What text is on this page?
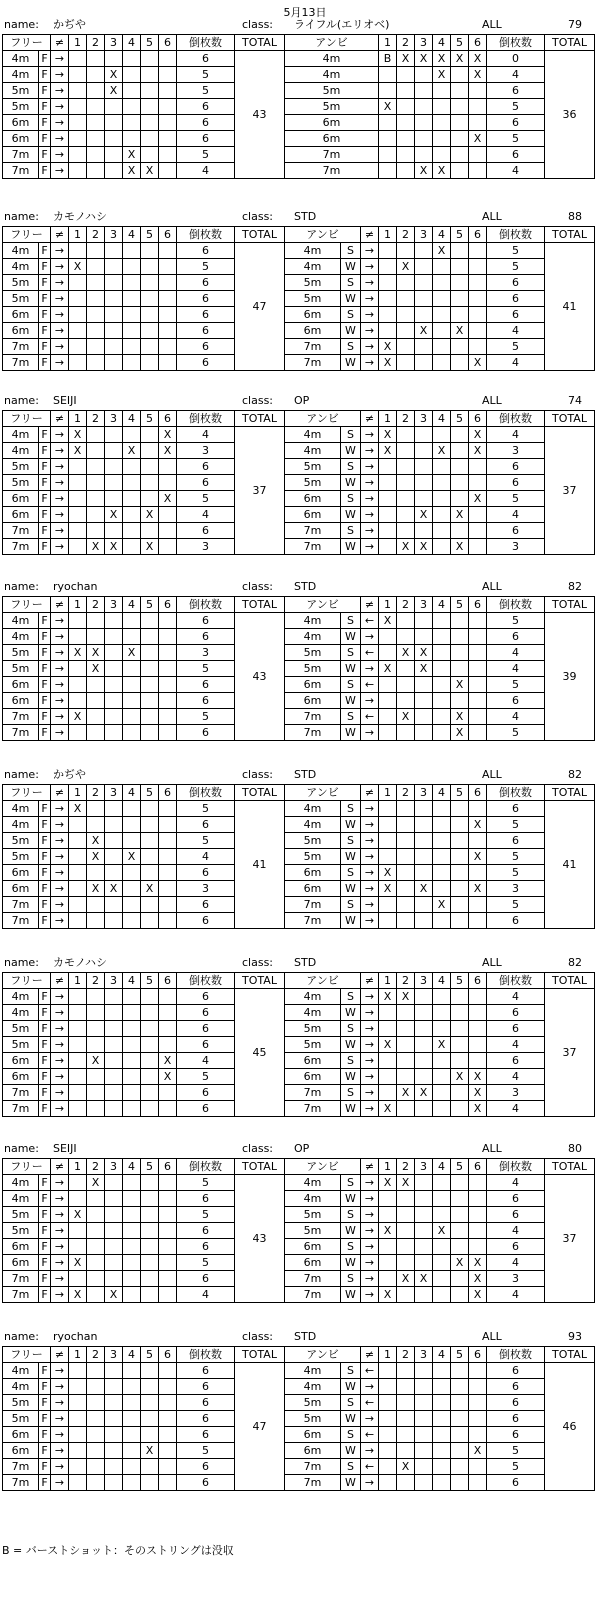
5月13日
name: かぢや	class: ライフル(エリオベ)	ALL	79
フリー		≠	1	2	3	4	5	6	倒枚数	TOTAL	アンビ	1	2	3	4	5	6	倒枚数	TOTAL
4m	F	→							6	43	4m	B	X	X	X	X	X	0	36
4m	F	→			X				5		4m				X		X	4	
5m	F	→			X				5		5m							6	
5m	F	→							6		5m	X						5	
6m	F	→							6		6m							6	
6m	F	→							6		6m						X	5	
7m	F	→				X			5		7m							6	
7m	F	→				X	X		4		7m			X	X			4	
name: カモノハシ	class: STD	ALL	88
フリー		≠	1	2	3	4	5	6	倒枚数	TOTAL	アンビ		≠	1	2	3	4	5	6	倒枚数	TOTAL
4m	F	→							6	47	4m	S	→				X			5	41
4m	F	→	X						5		4m	W	→		X					5	
5m	F	→							6		5m	S	→							6	
5m	F	→							6		5m	W	→							6	
6m	F	→							6		6m	S	→							6	
6m	F	→							6		6m	W	→			X		X		4	
7m	F	→							6		7m	S	→	X						5	
7m	F	→							6		7m	W	→	X					X	4	
name: SEIJI	class: OP	ALL	74
フリー		≠	1	2	3	4	5	6	倒枚数	TOTAL	アンビ		≠	1	2	3	4	5	6	倒枚数	TOTAL
4m	F	→	X					X	4	37	4m	S	→	X					X	4	37
4m	F	→	X			X		X	3		4m	W	→	X			X		X	3	
5m	F	→							6		5m	S	→							6	
5m	F	→							6		5m	W	→							6	
6m	F	→						X	5		6m	S	→						X	5	
6m	F	→			X		X		4		6m	W	→			X		X		4	
7m	F	→							6		7m	S	→							6	
7m	F	→		X	X		X		3		7m	W	→		X	X		X		3	
name: ryochan	class: STD	ALL	82
フリー		≠	1	2	3	4	5	6	倒枚数	TOTAL	アンビ		≠	1	2	3	4	5	6	倒枚数	TOTAL
4m	F	→							6	43	4m	S	←	X						5	39
4m	F	→							6		4m	W	→							6	
5m	F	→	X	X		X			3		5m	S	←		X	X				4	
5m	F	→		X					5		5m	W	→	X		X				4	
6m	F	→							6		6m	S	←					X		5	
6m	F	→							6		6m	W	→							6	
7m	F	→	X						5		7m	S	←		X			X		4	
7m	F	→							6		7m	W	→					X		5	
name: かぢや	class: STD	ALL	82
フリー		≠	1	2	3	4	5	6	倒枚数	TOTAL	アンビ		≠	1	2	3	4	5	6	倒枚数	TOTAL
4m	F	→	X						5	41	4m	S	→							6	41
4m	F	→							6		4m	W	→						X	5	
5m	F	→		X					5		5m	S	→							6	
5m	F	→		X		X			4		5m	W	→						X	5	
6m	F	→							6		6m	S	→	X						5	
6m	F	→		X	X		X		3		6m	W	→	X		X			X	3	
7m	F	→							6		7m	S	→				X			5	
7m	F	→							6		7m	W	→							6	
name: カモノハシ	class: STD	ALL	82
フリー		≠	1	2	3	4	5	6	倒枚数	TOTAL	アンビ		≠	1	2	3	4	5	6	倒枚数	TOTAL
4m	F	→							6	45	4m	S	→	X	X					4	37
4m	F	→							6		4m	W	→							6	
5m	F	→							6		5m	S	→							6	
5m	F	→							6		5m	W	→	X			X			4	
6m	F	→		X				X	4		6m	S	→							6	
6m	F	→						X	5		6m	W	→					X	X	4	
7m	F	→							6		7m	S	→		X	X			X	3	
7m	F	→							6		7m	W	→	X					X	4	
name: SEIJI	class: OP	ALL	80
フリー		≠	1	2	3	4	5	6	倒枚数	TOTAL	アンビ		≠	1	2	3	4	5	6	倒枚数	TOTAL
4m	F	→		X					5	43	4m	S	→	X	X					4	37
4m	F	→							6		4m	W	→							6	
5m	F	→	X						5		5m	S	→							6	
5m	F	→							6		5m	W	→	X			X			4	
6m	F	→							6		6m	S	→							6	
6m	F	→	X						5		6m	W	→					X	X	4	
7m	F	→							6		7m	S	→		X	X			X	3	
7m	F	→	X		X				4		7m	W	→	X					X	4	
name: ryochan	class: STD	ALL	93
フリー		≠	1	2	3	4	5	6	倒枚数	TOTAL	アンビ		≠	1	2	3	4	5	6	倒枚数	TOTAL
4m	F	→							6	47	4m	S	←							6	46
4m	F	→							6		4m	W	→							6	
5m	F	→							6		5m	S	←							6	
5m	F	→							6		5m	W	→							6	
6m	F	→							6		6m	S	←							6	
6m	F	→					X		5		6m	W	→						X	5	
7m	F	→							6		7m	S	←		X					5	
7m	F	→							6		7m	W	→							6	
B = バーストショット：そのストリングは没収
